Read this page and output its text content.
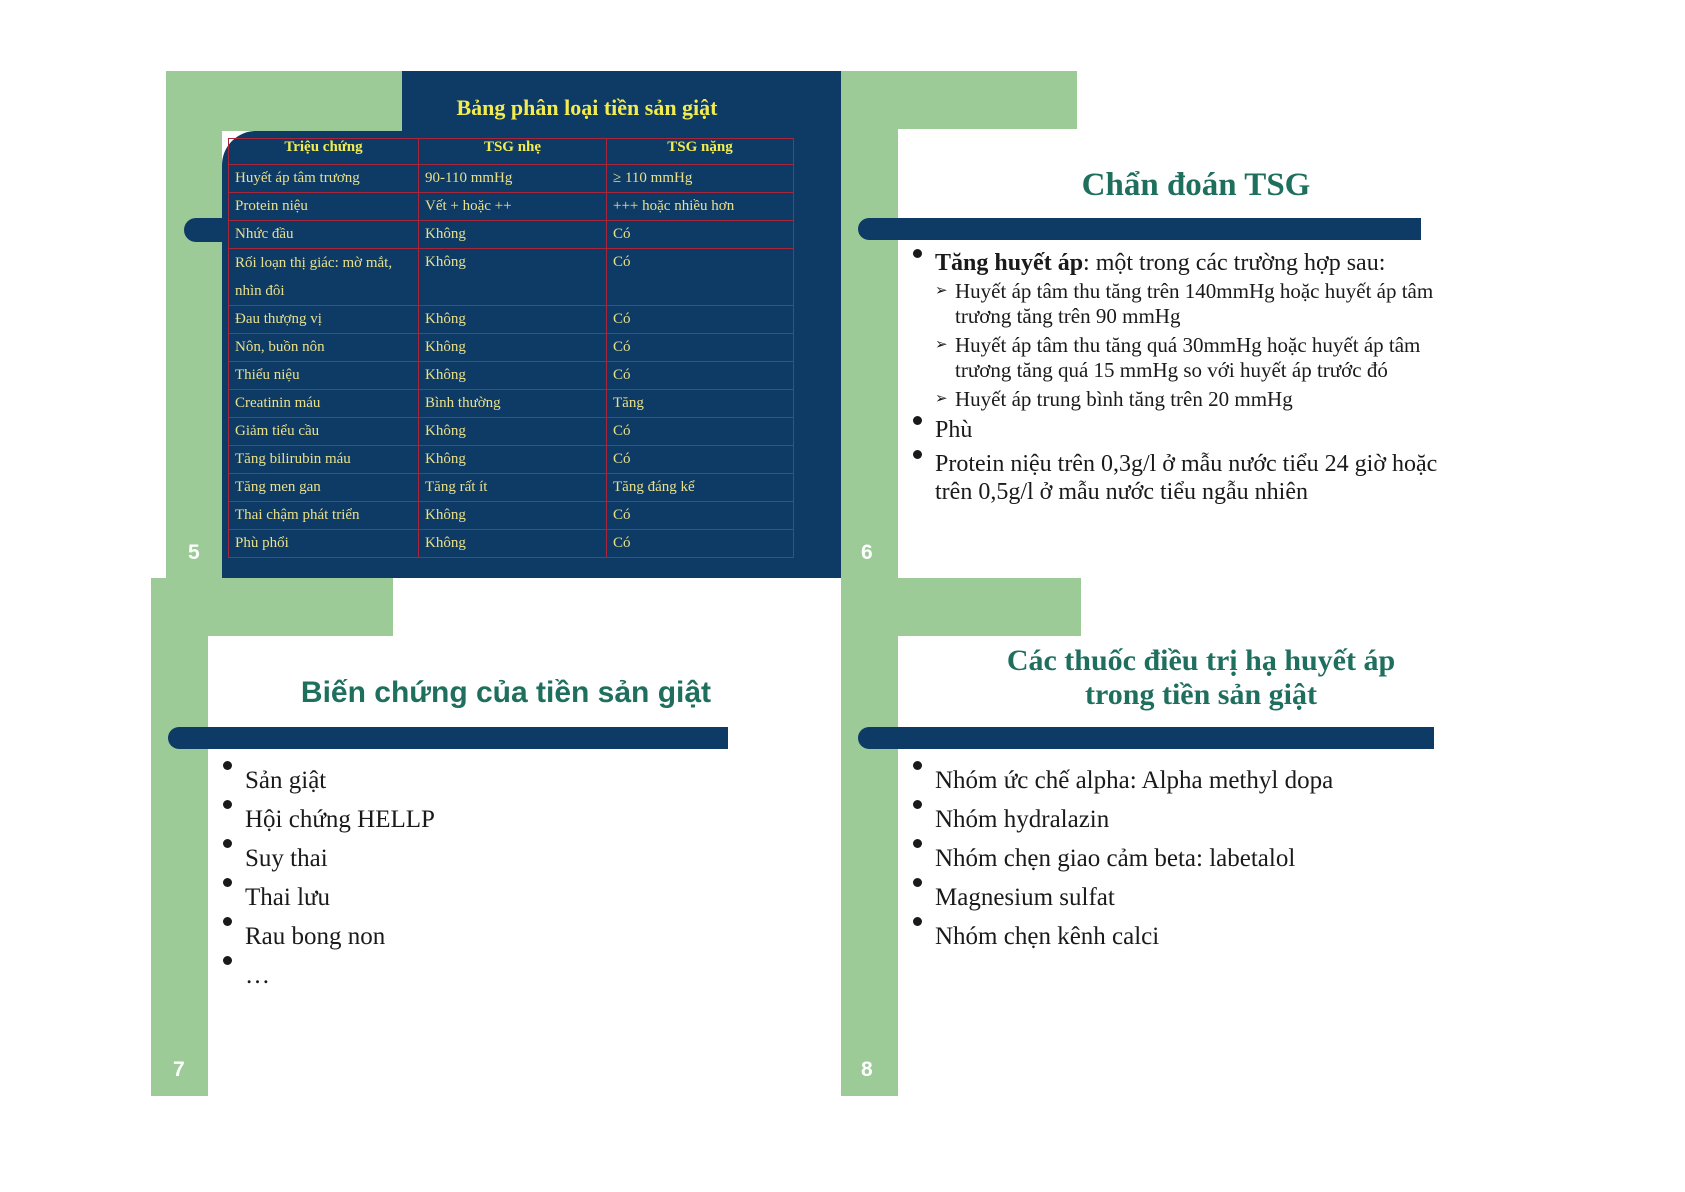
Bảng phân loại tiền sản giật
Triệu chứng	TSG nhẹ	TSG nặng
Huyết áp tâm trương	90-110 mmHg	≥ 110 mmHg
Protein niệu	Vết + hoặc ++	+++ hoặc nhiều hơn
Nhức đầu	Không	Có
Rối loạn thị giác: mờ mắt, nhìn đôi	Không	Có
Đau thượng vị	Không	Có
Nôn, buồn nôn	Không	Có
Thiểu niệu	Không	Có
Creatinin máu	Bình thường	Tăng
Giảm tiểu cầu	Không	Có
Tăng bilirubin máu	Không	Có
Tăng men gan	Tăng rất ít	Tăng đáng kể
Thai chậm phát triển	Không	Có
Phù phổi	Không	Có
5
Chẩn đoán TSG
Tăng huyết áp: một trong các trường hợp sau:
➢ Huyết áp tâm thu tăng trên 140mmHg hoặc huyết áp tâm trương tăng trên 90 mmHg
➢ Huyết áp tâm thu tăng quá 30mmHg hoặc huyết áp tâm trương tăng quá 15 mmHg so với huyết áp trước đó
➢ Huyết áp trung bình tăng trên 20 mmHg
Phù
Protein niệu trên 0,3g/l ở mẫu nước tiểu 24 giờ hoặc trên 0,5g/l ở mẫu nước tiểu ngẫu nhiên
6
Biến chứng của tiền sản giật
Sản giật
Hội chứng HELLP
Suy thai
Thai lưu
Rau bong non
…
7
Các thuốc điều trị hạ huyết áp
trong tiền sản giật
Nhóm ức chế alpha: Alpha methyl dopa
Nhóm hydralazin
Nhóm chẹn giao cảm beta: labetalol
Magnesium sulfat
Nhóm chẹn kênh calci
8
